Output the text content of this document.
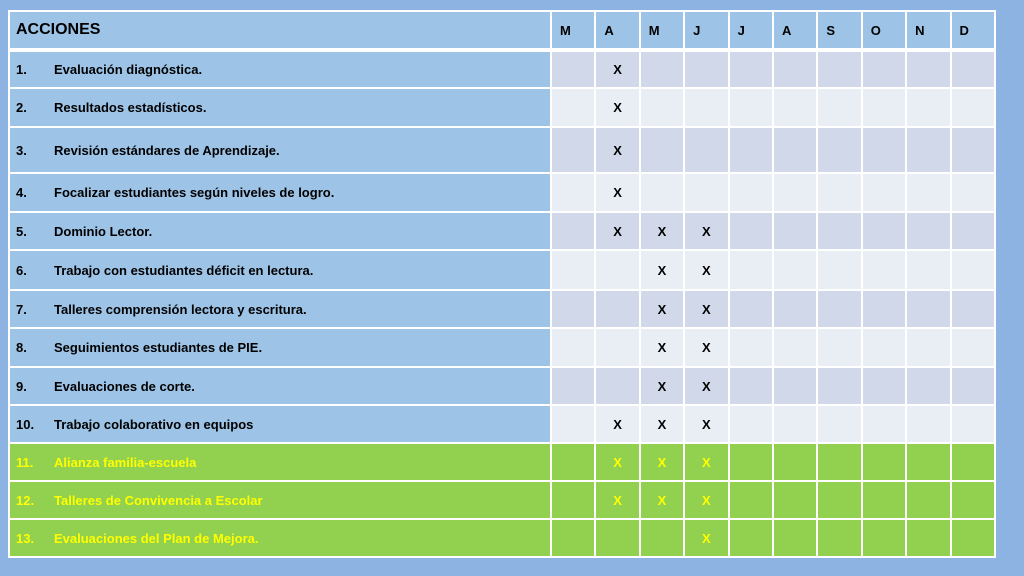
ACCIONES	M	A	M	J	J	A	S	O	N	D
1. Evaluación diagnóstica.		X								
2. Resultados estadísticos.		X								
3. Revisión estándares de Aprendizaje.		X								
4. Focalizar estudiantes según niveles de logro.		X								
5. Dominio Lector.		X	X	X						
6. Trabajo con estudiantes déficit en lectura.			X	X						
7. Talleres comprensión lectora y escritura.			X	X						
8. Seguimientos estudiantes de PIE.			X	X						
9. Evaluaciones de corte.			X	X						
10. Trabajo colaborativo en equipos		X	X	X						
11. Alianza familia-escuela		X	X	X						
12. Talleres de Convivencia a Escolar		X	X	X						
13. Evaluaciones del Plan de Mejora.				X						
